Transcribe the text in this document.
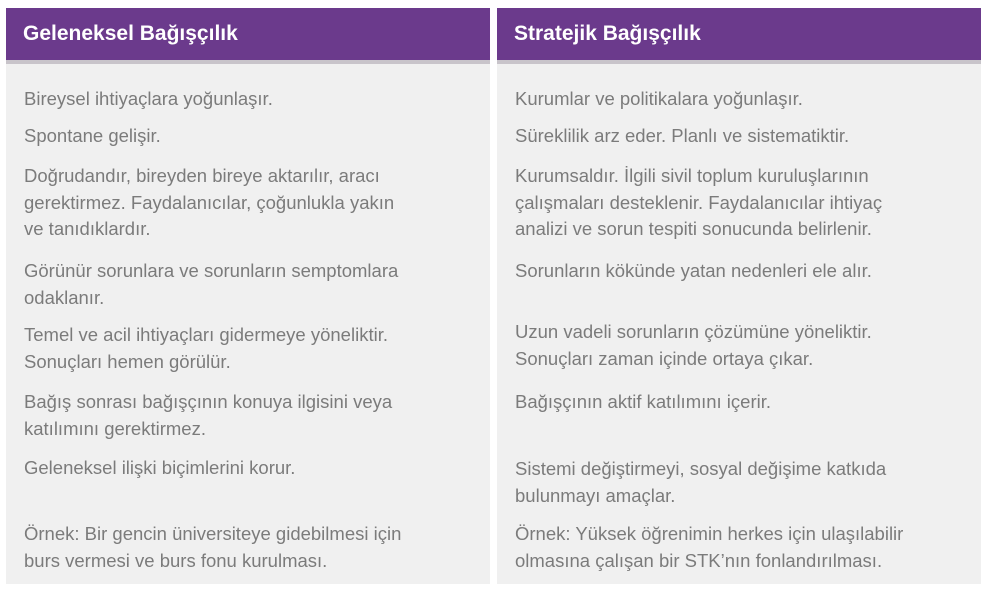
Geleneksel Bağışçılık
Bireysel ihtiyaçlara yoğunlaşır.
Spontane gelişir.
Doğrudandır, bireyden bireye aktarılır, aracı
gerektirmez. Faydalanıcılar, çoğunlukla yakın
ve tanıdıklardır.
Görünür sorunlara ve sorunların semptomlara
odaklanır.
Temel ve acil ihtiyaçları gidermeye yöneliktir.
Sonuçları hemen görülür.
Bağış sonrası bağışçının konuya ilgisini veya
katılımını gerektirmez.
Geleneksel ilişki biçimlerini korur.
Örnek: Bir gencin üniversiteye gidebilmesi için
burs vermesi ve burs fonu kurulması.
Stratejik Bağışçılık
Kurumlar ve politikalara yoğunlaşır.
Süreklilik arz eder. Planlı ve sistematiktir.
Kurumsaldır. İlgili sivil toplum kuruluşlarının
çalışmaları desteklenir. Faydalanıcılar ihtiyaç
analizi ve sorun tespiti sonucunda belirlenir.
Sorunların kökünde yatan nedenleri ele alır.
Uzun vadeli sorunların çözümüne yöneliktir.
Sonuçları zaman içinde ortaya çıkar.
Bağışçının aktif katılımını içerir.
Sistemi değiştirmeyi, sosyal değişime katkıda
bulunmayı amaçlar.
Örnek: Yüksek öğrenimin herkes için ulaşılabilir
olmasına çalışan bir STK’nın fonlandırılması.
